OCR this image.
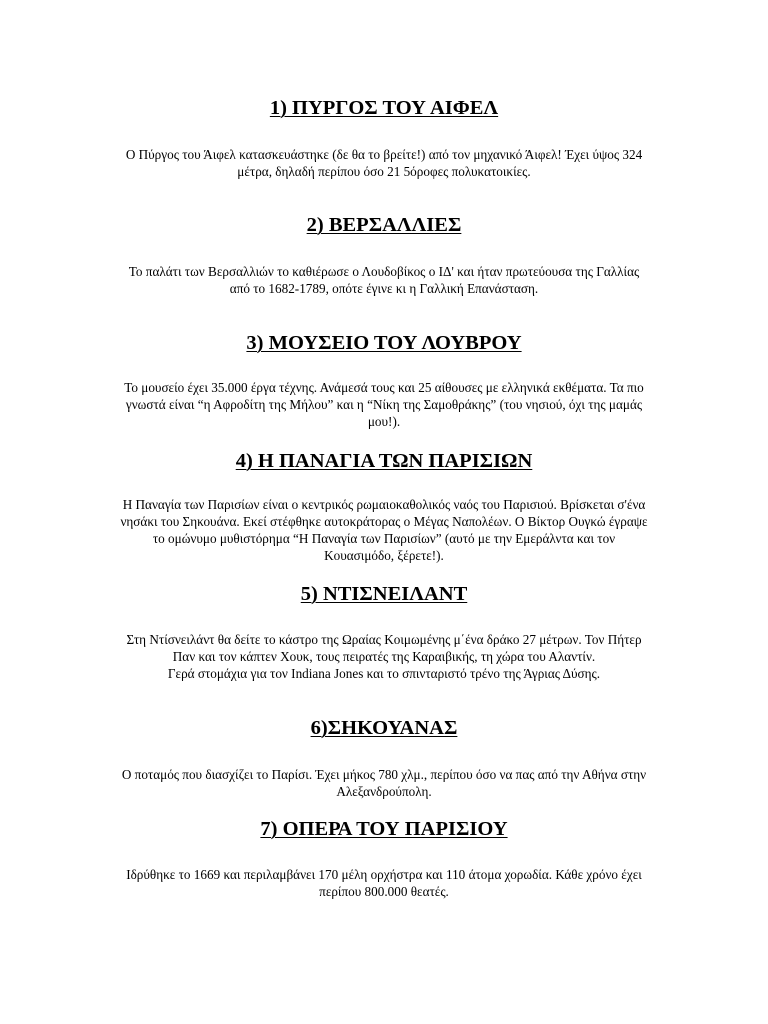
1) ΠΥΡΓΟΣ ΤΟΥ ΑΙΦΕΛ
Ο Πύργος του Άιφελ κατασκευάστηκε (δε θα το βρείτε!) από τον μηχανικό Άιφελ! Έχει ύψος 324
μέτρα, δηλαδή περίπου όσο 21 5όροφες πολυκατοικίες.
2) ΒΕΡΣΑΛΛΙΕΣ
Το παλάτι των Βερσαλλιών το καθιέρωσε ο Λουδοβίκος ο ΙΔ' και ήταν πρωτεύουσα της Γαλλίας
από το 1682-1789, οπότε έγινε κι η Γαλλική Επανάσταση.
3) ΜΟΥΣΕΙΟ ΤΟΥ ΛΟΥΒΡΟΥ
Το μουσείο έχει 35.000 έργα τέχνης. Ανάμεσά τους και 25 αίθουσες με ελληνικά εκθέματα. Τα πιο
γνωστά είναι “η Αφροδίτη της Μήλου” και η “Νίκη της Σαμοθράκης” (του νησιού, όχι της μαμάς
μου!).
4) Η ΠΑΝΑΓΙΑ ΤΩΝ ΠΑΡΙΣΙΩΝ
Η Παναγία των Παρισίων είναι ο κεντρικός ρωμαιοκαθολικός ναός του Παρισιού. Βρίσκεται σ'ένα
νησάκι του Σηκουάνα. Εκεί στέφθηκε αυτοκράτορας ο Μέγας Ναπολέων. Ο Βίκτορ Ουγκώ έγραψε
το ομώνυμο μυθιστόρημα “Η Παναγία των Παρισίων” (αυτό με την Εμεράλντα και τον
Κουασιμόδο, ξέρετε!).
5) ΝΤΙΣΝΕΙΛΑΝΤ
Στη Ντίσνειλάντ θα δείτε το κάστρο της Ωραίας Κοιμωμένης μ΄ένα δράκο 27 μέτρων. Τον Πήτερ
Παν και τον κάπτεν Χουκ, τους πειρατές της Καραιβικής, τη χώρα του Αλαντίν.
Γερά στομάχια για τον Indiana Jones και το σπινταριστό τρένο της Άγριας Δύσης.
6)ΣΗΚΟΥΑΝΑΣ
Ο ποταμός που διασχίζει το Παρίσι. Έχει μήκος 780 χλμ., περίπου όσο να πας από την Αθήνα στην
Αλεξανδρούπολη.
7) ΟΠΕΡΑ ΤΟΥ ΠΑΡΙΣΙΟΥ
Ιδρύθηκε το 1669 και περιλαμβάνει 170 μέλη ορχήστρα και 110 άτομα χορωδία. Κάθε χρόνο έχει
περίπου 800.000 θεατές.
